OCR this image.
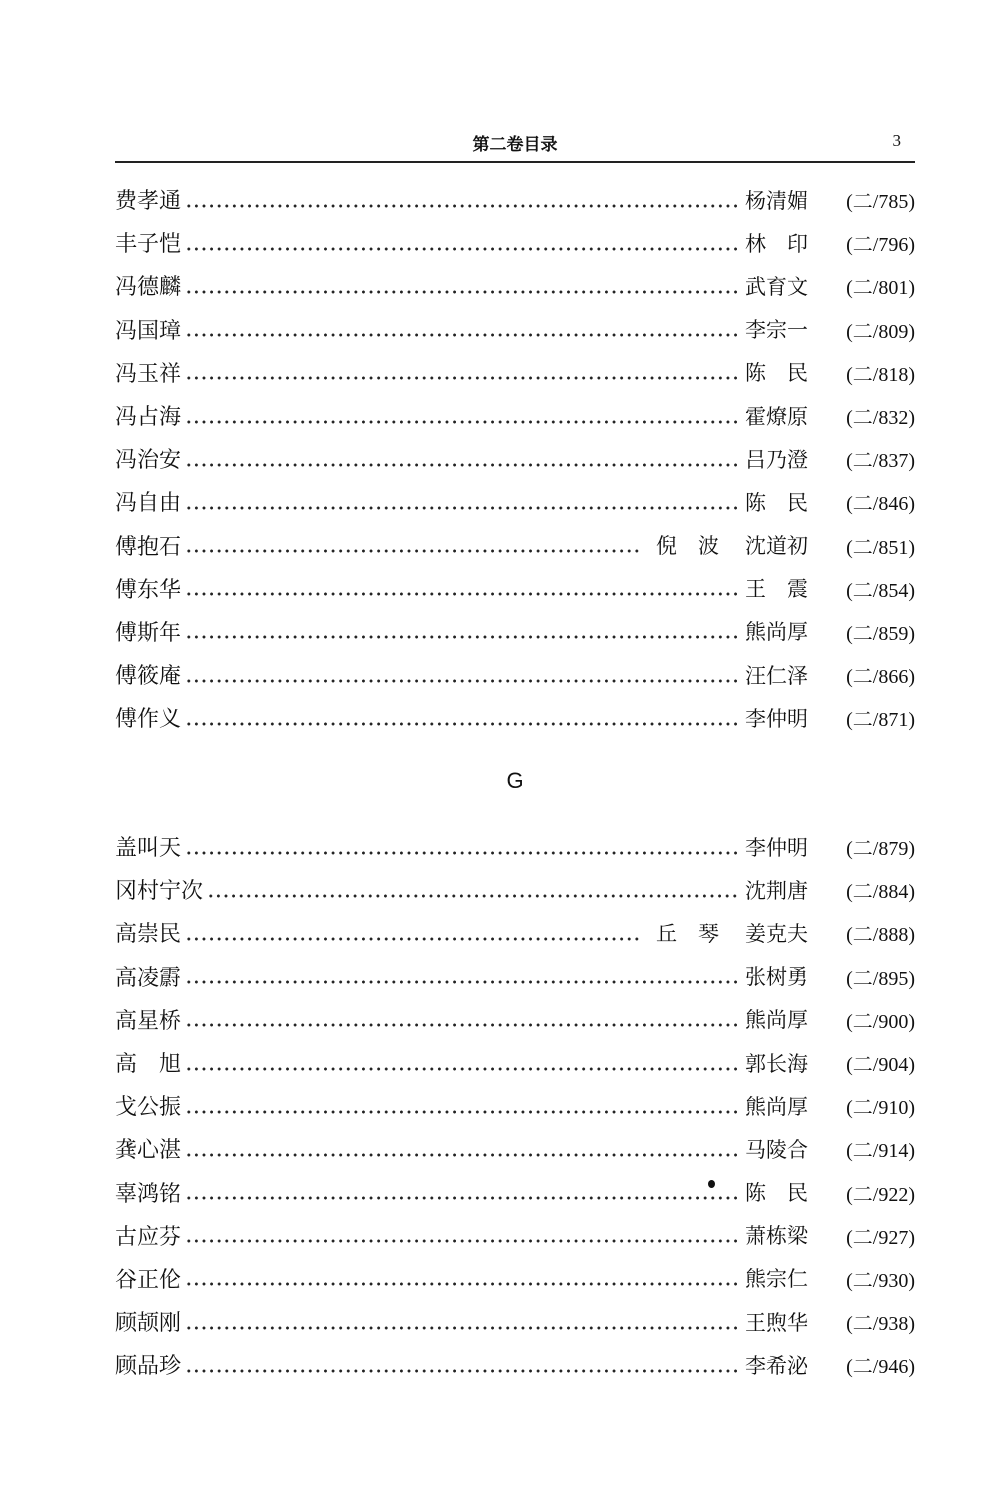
第二卷目录	3
费孝通	杨清媚	(二/785)
丰子恺	林　印	(二/796)
冯德麟	武育文	(二/801)
冯国璋	李宗一	(二/809)
冯玉祥	陈　民	(二/818)
冯占海	霍燎原	(二/832)
冯治安	吕乃澄	(二/837)
冯自由	陈　民	(二/846)
傅抱石	倪　波 沈道初	(二/851)
傅东华	王　震	(二/854)
傅斯年	熊尚厚	(二/859)
傅筱庵	汪仁泽	(二/866)
傅作义	李仲明	(二/871)
G
盖叫天	李仲明	(二/879)
冈村宁次	沈荆唐	(二/884)
高崇民	丘　琴 姜克夫	(二/888)
高凌霨	张树勇	(二/895)
高星桥	熊尚厚	(二/900)
高　旭	郭长海	(二/904)
戈公振	熊尚厚	(二/910)
龚心湛	马陵合	(二/914)
辜鸿铭	陈　民	(二/922)
古应芬	萧栋梁	(二/927)
谷正伦	熊宗仁	(二/930)
顾颉刚	王煦华	(二/938)
顾品珍	李希泌	(二/946)
